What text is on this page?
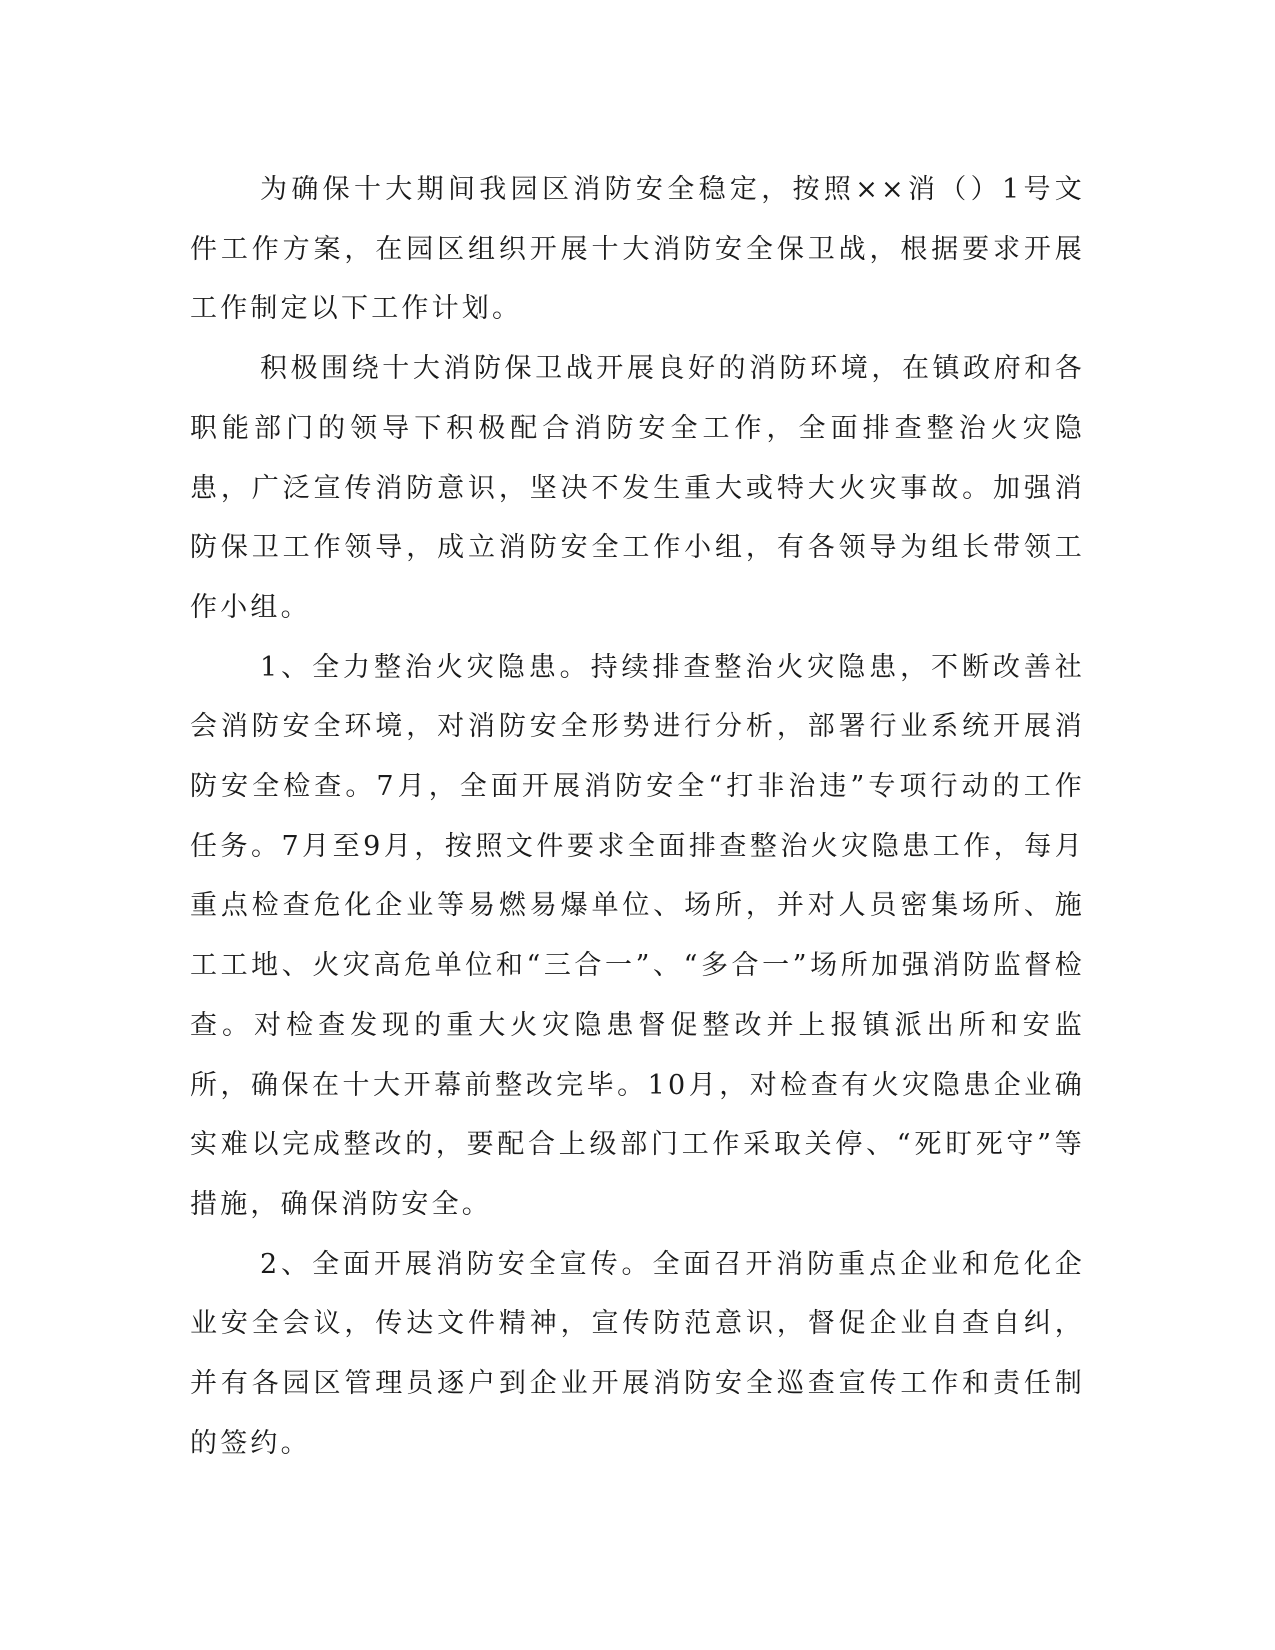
为确保十大期间我园区消防安全稳定，按照××消（）1号文件工作方案，在园区组织开展十大消防安全保卫战，根据要求开展工作制定以下工作计划。

积极围绕十大消防保卫战开展良好的消防环境，在镇政府和各职能部门的领导下积极配合消防安全工作，全面排查整治火灾隐患，广泛宣传消防意识，坚决不发生重大或特大火灾事故。加强消防保卫工作领导，成立消防安全工作小组，有各领导为组长带领工作小组。

1、全力整治火灾隐患。持续排查整治火灾隐患，不断改善社会消防安全环境，对消防安全形势进行分析，部署行业系统开展消防安全检查。7月，全面开展消防安全“打非治违”专项行动的工作任务。7月至9月，按照文件要求全面排查整治火灾隐患工作，每月重点检查危化企业等易燃易爆单位、场所，并对人员密集场所、施工工地、火灾高危单位和“三合一”、“多合一”场所加强消防监督检查。对检查发现的重大火灾隐患督促整改并上报镇派出所和安监所，确保在十大开幕前整改完毕。10月，对检查有火灾隐患企业确实难以完成整改的，要配合上级部门工作采取关停、“死盯死守”等措施，确保消防安全。

2、全面开展消防安全宣传。全面召开消防重点企业和危化企业安全会议，传达文件精神，宣传防范意识，督促企业自查自纠，并有各园区管理员逐户到企业开展消防安全巡查宣传工作和责任制的签约。
